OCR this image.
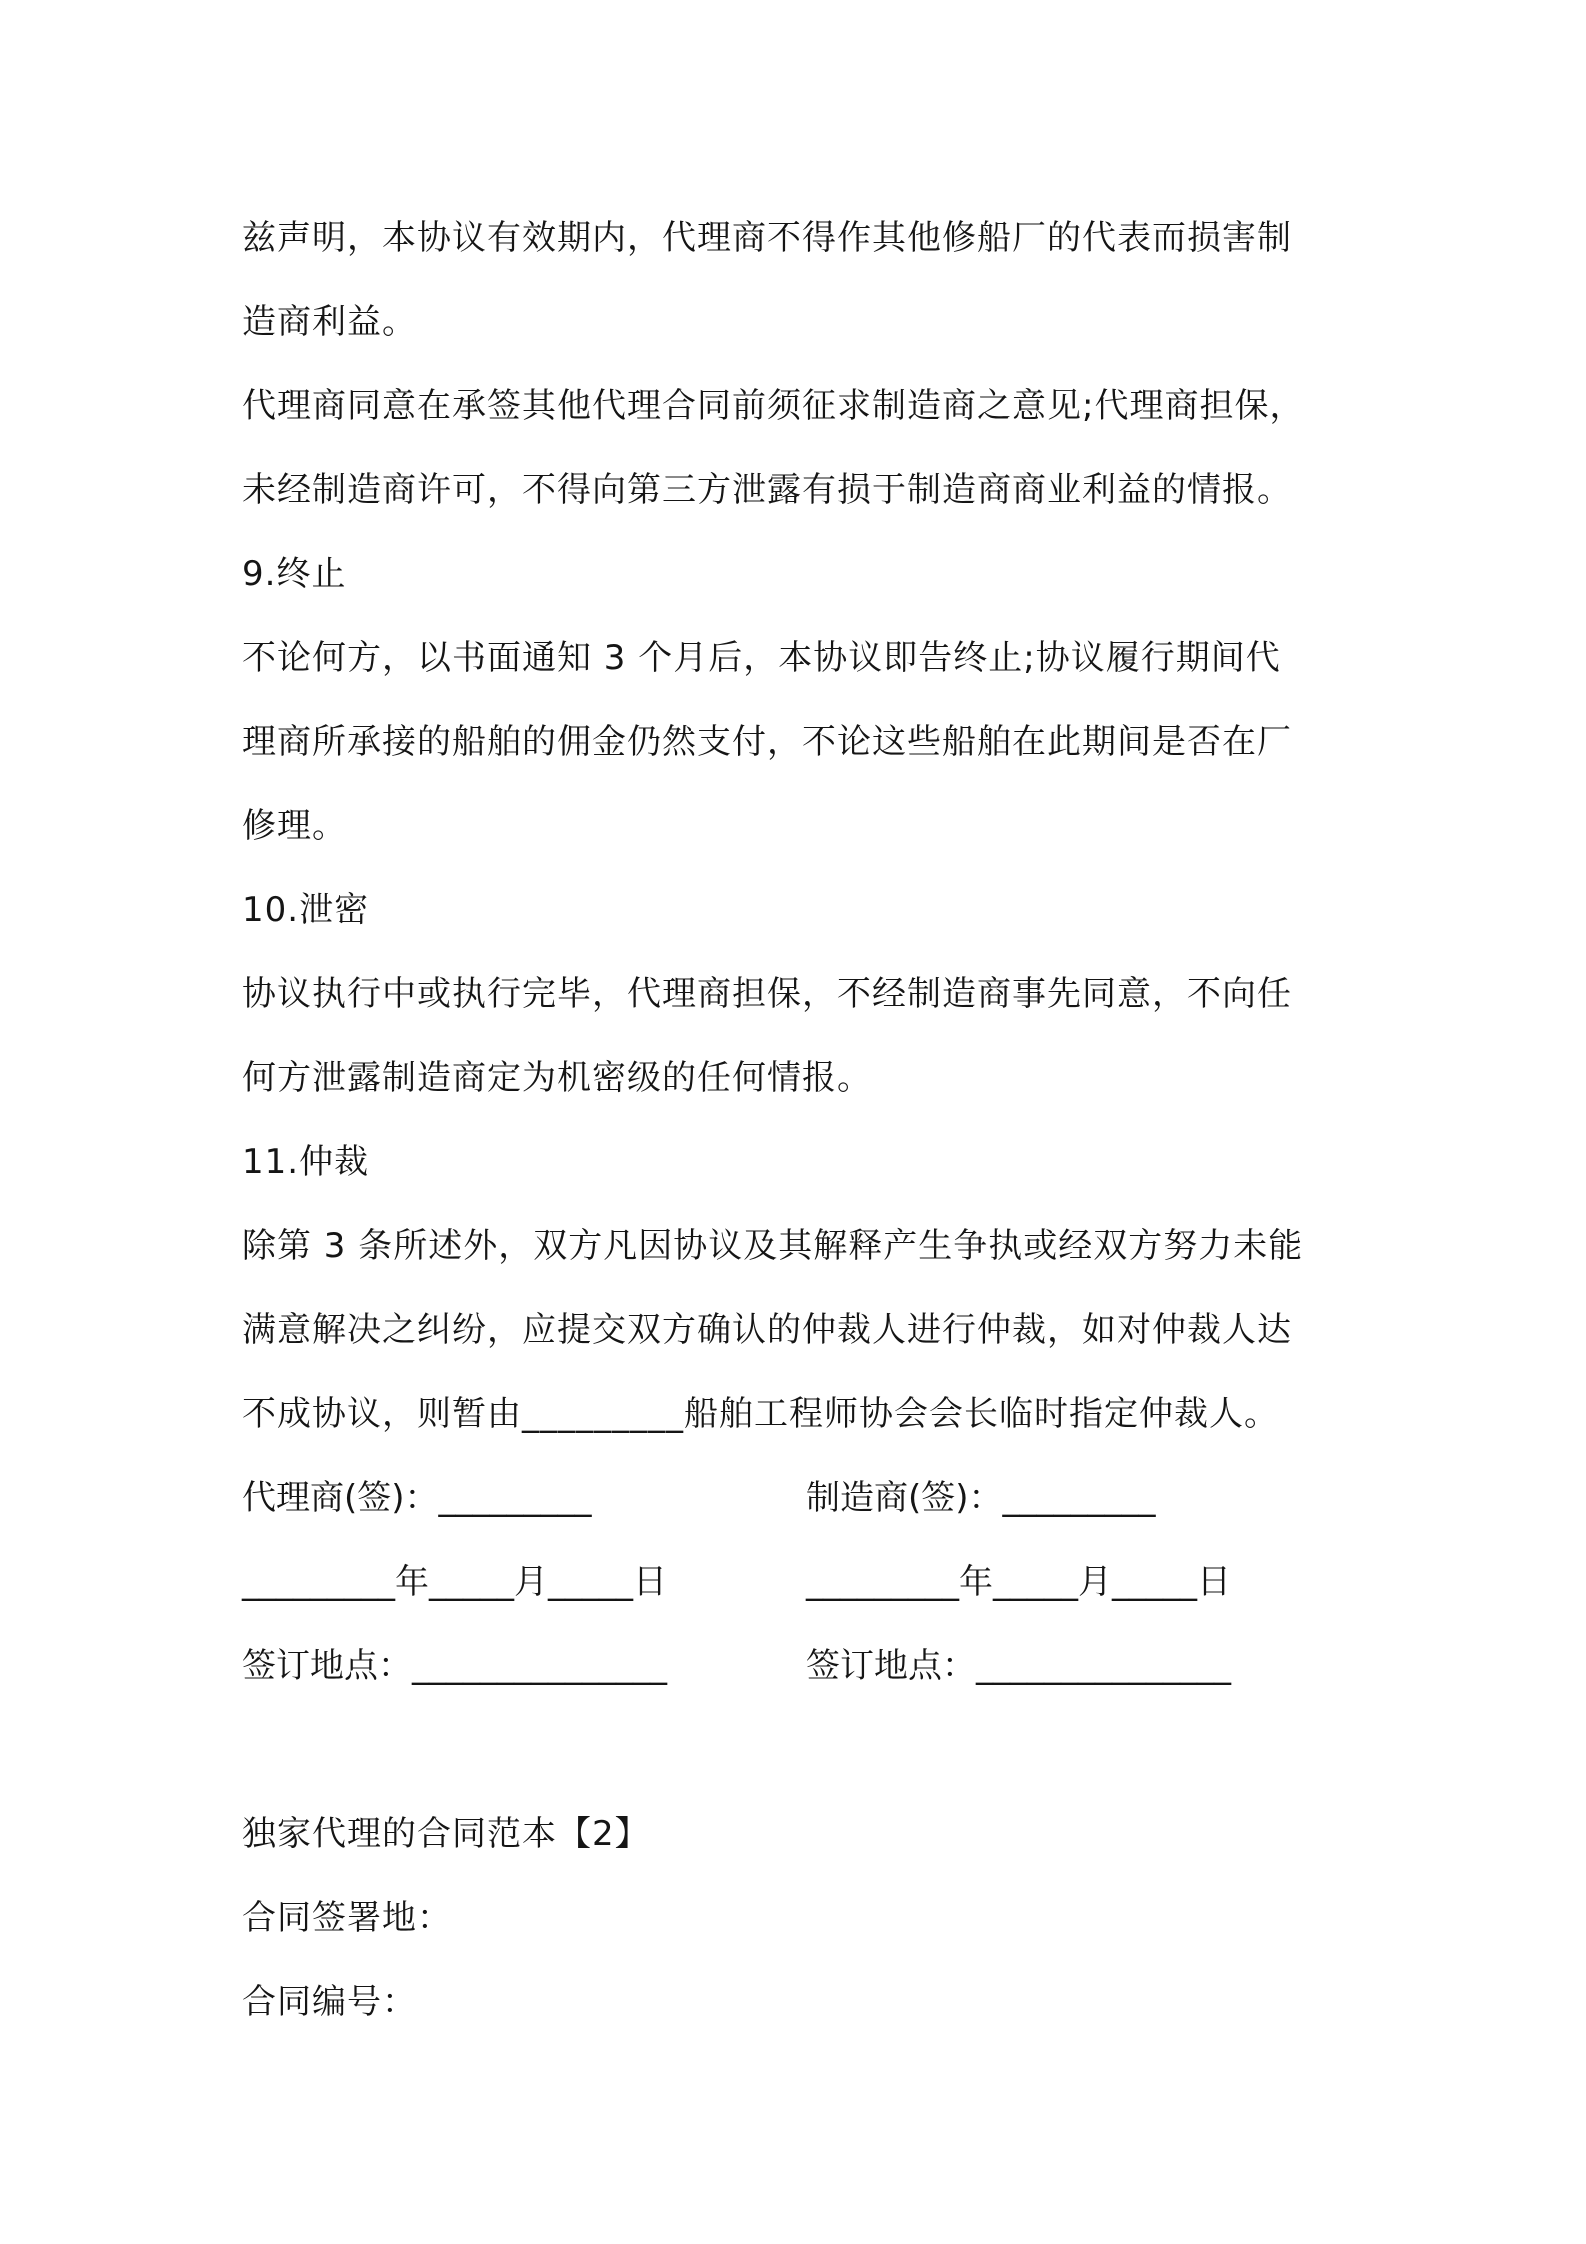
兹声明，本协议有效期内，代理商不得作其他修船厂的代表而损害制
造商利益。
代理商同意在承签其他代理合同前须征求制造商之意见;代理商担保，
未经制造商许可，不得向第三方泄露有损于制造商商业利益的情报。
9.终止
不论何方，以书面通知 3 个月后，本协议即告终止;协议履行期间代
理商所承接的船舶的佣金仍然支付，不论这些船舶在此期间是否在厂
修理。
10.泄密
协议执行中或执行完毕，代理商担保，不经制造商事先同意，不向任
何方泄露制造商定为机密级的任何情报。
11.仲裁
除第 3 条所述外，双方凡因协议及其解释产生争执或经双方努力未能
满意解决之纠纷，应提交双方确认的仲裁人进行仲裁，如对仲裁人达
不成协议，则暂由_________船舶工程师协会会长临时指定仲裁人。
代理商(签)：_________	制造商(签)：_________
_________年_____月_____日	_________年_____月_____日
签订地点：_______________	签订地点：_______________
独家代理的合同范本【2】
合同签署地：
合同编号：
